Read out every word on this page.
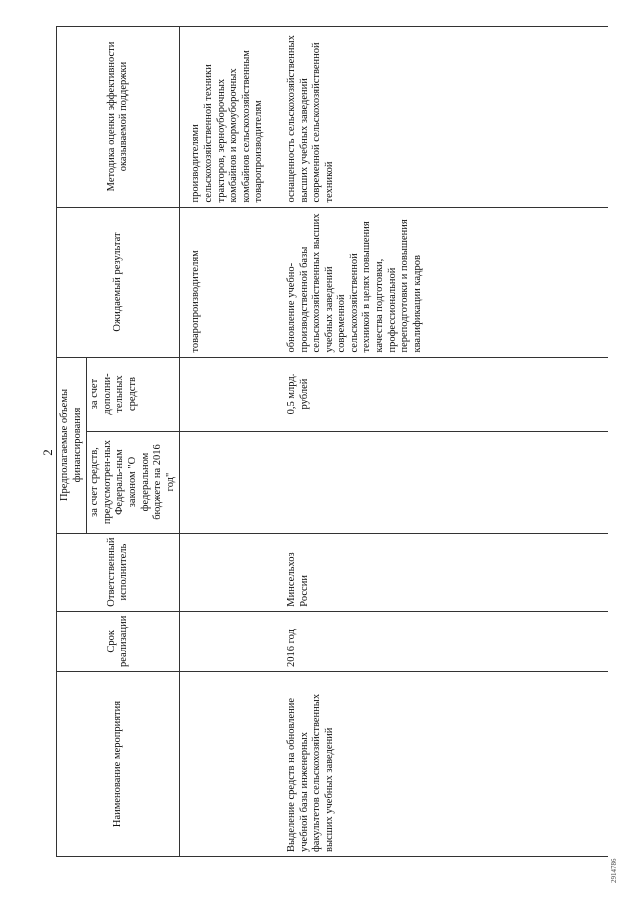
2
Наименование мероприятия	Срок реализации	Ответственный исполнитель	Предполагаемые объемы финансирования		Ожидаемый результат	Методика оценки эффективности оказываемой поддержки
			за счет средств, предусмотрен-ных Федераль-ным законом "О федеральном бюджете на 2016 год"	за счет дополни-тельных средств		
					товаропроизводителям	производителями сельскохозяйственной техники тракторов, зерноуборочных комбайнов и кормоуборочных комбайнов сельскохозяйственным товаропроизводителям
Выделение средств на обновление учебной базы инженерных факультетов сельскохозяйственных высших учебных заведений	2016 год	Минсельхоз России		0,5 млрд. рублей	обновление учебно-производственной базы сельскохозяйственных высших учебных заведений современной сельскохозяйственной техникой в целях повышения качества подготовки, профессиональной переподготовки и повышения квалификации кадров	оснащенность сельскохозяйственных высших учебных заведений современной сельскохозяйственной техникой
2914786
